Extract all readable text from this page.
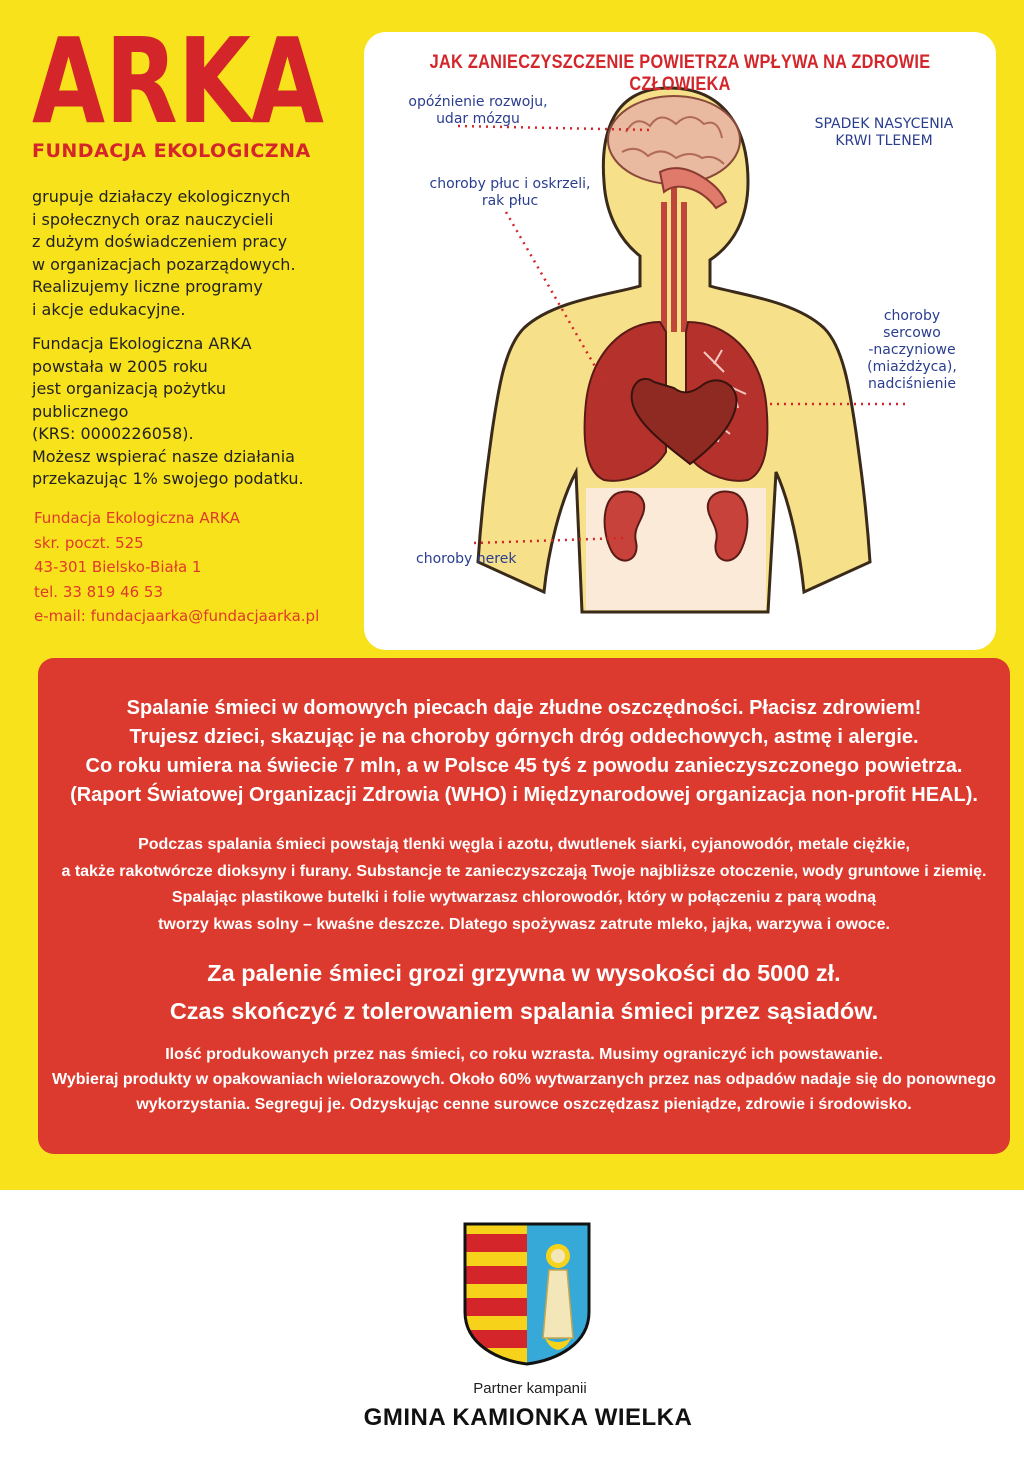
ARKA
FUNDACJA EKOLOGICZNA
grupuje działaczy ekologicznych
i społecznych oraz nauczycieli
z dużym doświadczeniem pracy
w organizacjach pozarządowych.
Realizujemy liczne programy
i akcje edukacyjne.
Fundacja Ekologiczna ARKA
powstała w 2005 roku
jest organizacją pożytku
publicznego
(KRS: 0000226058).
Możesz wspierać nasze działania
przekazując 1% swojego podatku.
Fundacja Ekologiczna ARKA
skr. poczt. 525
43-301 Bielsko-Biała 1
tel. 33 819 46 53
e-mail: fundacjaarka@fundacjaarka.pl
JAK ZANIECZYSZCZENIE POWIETRZA WPŁYWA NA ZDROWIE CZŁOWIEKA
opóźnienie rozwoju,
udar mózgu
choroby płuc i oskrzeli,
rak płuc
SPADEK NASYCENIA
KRWI TLENEM
choroby
sercowo
-naczyniowe
(miażdżyca),
nadciśnienie
choroby nerek
Spalanie śmieci w domowych piecach daje złudne oszczędności. Płacisz zdrowiem!
Trujesz dzieci, skazując je na choroby górnych dróg oddechowych, astmę i alergie.
Co roku umiera na świecie 7 mln, a w Polsce 45 tyś z powodu zanieczyszczonego powietrza.
(Raport Światowej Organizacji Zdrowia (WHO) i Międzynarodowej organizacja non-profit HEAL).
Podczas spalania śmieci powstają tlenki węgla i azotu, dwutlenek siarki, cyjanowodór, metale ciężkie,
a także rakotwórcze dioksyny i furany. Substancje te zanieczyszczają Twoje najbliższe otoczenie, wody gruntowe i ziemię.
Spalając plastikowe butelki i folie wytwarzasz chlorowodór, który w połączeniu z parą wodną
tworzy kwas solny – kwaśne deszcze. Dlatego spożywasz zatrute mleko, jajka, warzywa i owoce.
Za palenie śmieci grozi grzywna w wysokości do 5000 zł.
Czas skończyć z tolerowaniem spalania śmieci przez sąsiadów.
Ilość produkowanych przez nas śmieci, co roku wzrasta. Musimy ograniczyć ich powstawanie.
Wybieraj produkty w opakowaniach wielorazowych. Około 60% wytwarzanych przez nas odpadów nadaje się do ponownego
wykorzystania. Segreguj je. Odzyskując cenne surowce oszczędzasz pieniądze, zdrowie i środowisko.
Partner kampanii
GMINA KAMIONKA WIELKA
